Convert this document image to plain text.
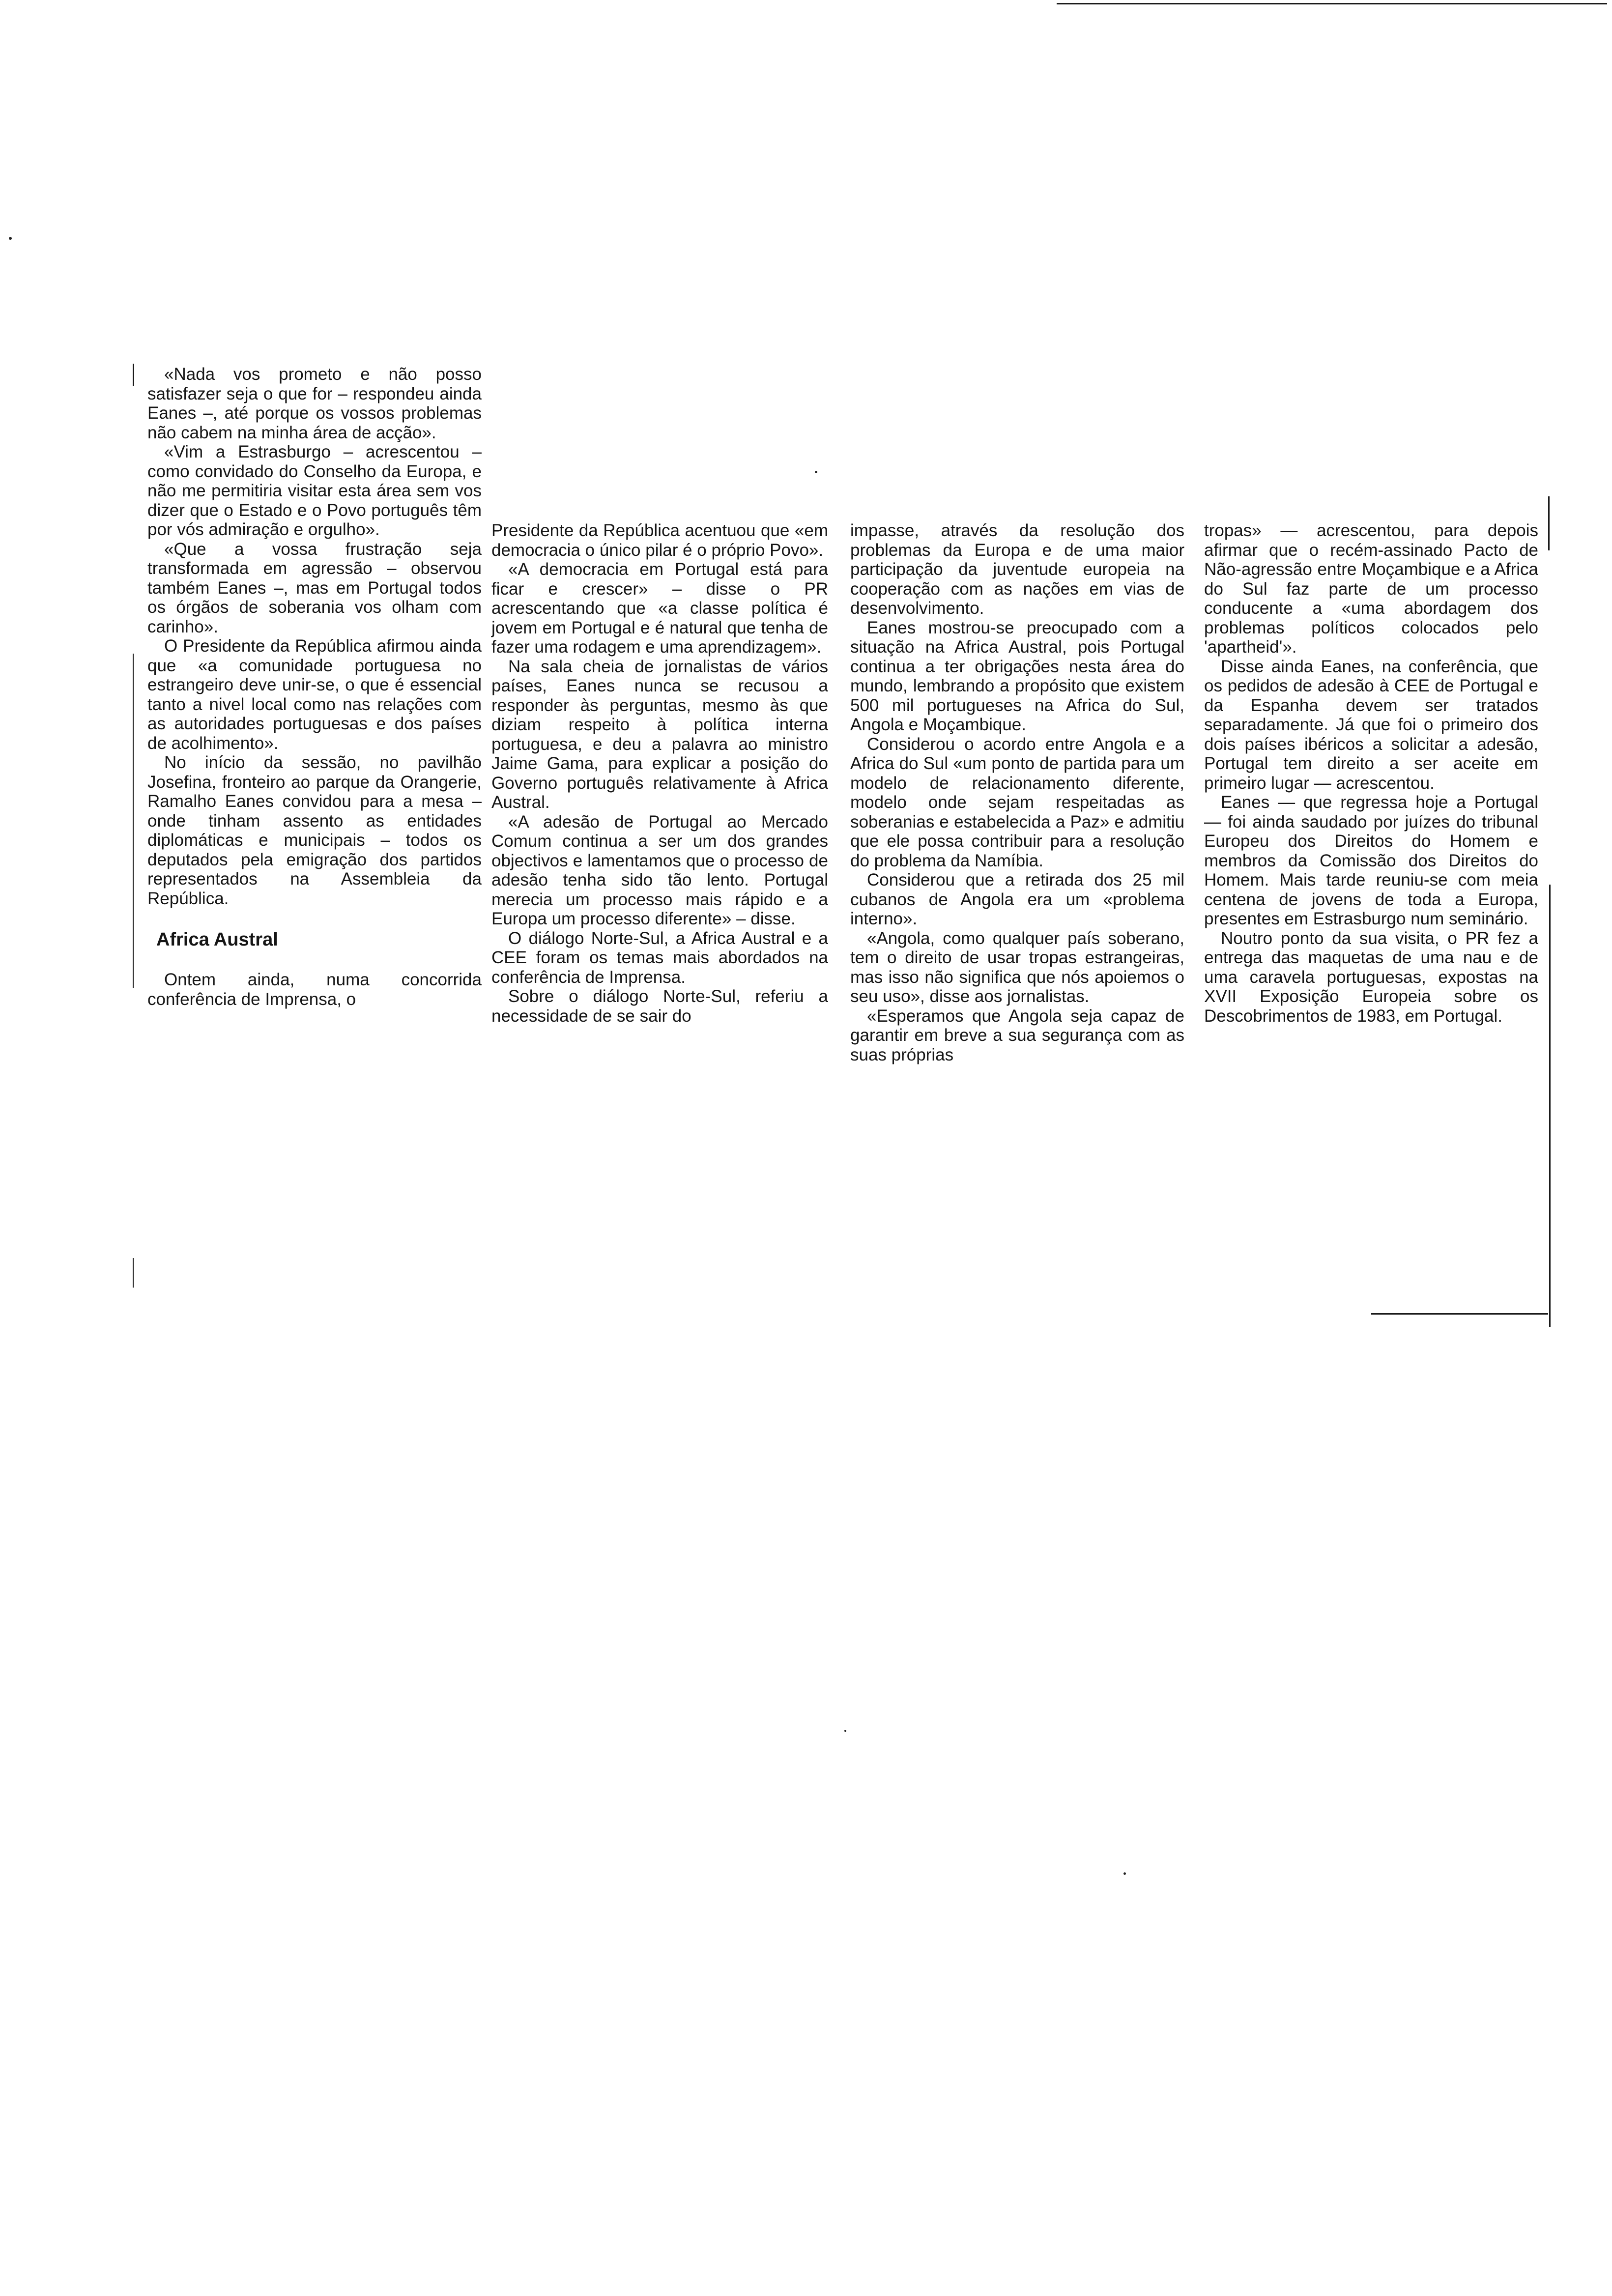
«Nada vos prometo e não posso satisfazer seja o que for – respondeu ainda Eanes –, até porque os vossos problemas não cabem na minha área de acção».

«Vim a Estrasburgo – acrescentou – como convidado do Conselho da Europa, e não me permitiria visitar esta área sem vos dizer que o Estado e o Povo português têm por vós admiração e orgulho».

«Que a vossa frustração seja transformada em agressão – observou também Eanes –, mas em Portugal todos os órgãos de soberania vos olham com carinho».

O Presidente da República afirmou ainda que «a comunidade portuguesa no estrangeiro deve unir-se, o que é essencial tanto a nivel local como nas relações com as autoridades portuguesas e dos países de acolhimento».

No início da sessão, no pavilhão Josefina, fronteiro ao parque da Orangerie, Ramalho Eanes convidou para a mesa – onde tinham assento as entidades diplomáticas e municipais – todos os deputados pela emigração dos partidos representados na Assembleia da República.

Africa Austral

Ontem ainda, numa concorrida conferência de Imprensa, o

Presidente da República acentuou que «em democracia o único pilar é o próprio Povo».

«A democracia em Portugal está para ficar e crescer» – disse o PR acrescentando que «a classe política é jovem em Portugal e é natural que tenha de fazer uma rodagem e uma aprendizagem».

Na sala cheia de jornalistas de vários países, Eanes nunca se recusou a responder às perguntas, mesmo às que diziam respeito à política interna portuguesa, e deu a palavra ao ministro Jaime Gama, para explicar a posição do Governo português relativamente à Africa Austral.

«A adesão de Portugal ao Mercado Comum continua a ser um dos grandes objectivos e lamentamos que o processo de adesão tenha sido tão lento. Portugal merecia um processo mais rápido e a Europa um processo diferente» – disse.

O diálogo Norte-Sul, a Africa Austral e a CEE foram os temas mais abordados na conferência de Imprensa.

Sobre o diálogo Norte-Sul, referiu a necessidade de se sair do

impasse, através da resolução dos problemas da Europa e de uma maior participação da juventude europeia na cooperação com as nações em vias de desenvolvimento.

Eanes mostrou-se preocupado com a situação na Africa Austral, pois Portugal continua a ter obrigações nesta área do mundo, lembrando a propósito que existem 500 mil portugueses na Africa do Sul, Angola e Moçambique.

Considerou o acordo entre Angola e a Africa do Sul «um ponto de partida para um modelo de relacionamento diferente, modelo onde sejam respeitadas as soberanias e estabelecida a Paz» e admitiu que ele possa contribuir para a resolução do problema da Namíbia.

Considerou que a retirada dos 25 mil cubanos de Angola era um «problema interno».

«Angola, como qualquer país soberano, tem o direito de usar tropas estrangeiras, mas isso não significa que nós apoiemos o seu uso», disse aos jornalistas.

«Esperamos que Angola seja capaz de garantir em breve a sua segurança com as suas próprias

tropas» — acrescentou, para depois afirmar que o recém-assinado Pacto de Não-agressão entre Moçambique e a Africa do Sul faz parte de um processo conducente a «uma abordagem dos problemas políticos colocados pelo 'apartheid'».

Disse ainda Eanes, na conferência, que os pedidos de adesão à CEE de Portugal e da Espanha devem ser tratados separadamente. Já que foi o primeiro dos dois países ibéricos a solicitar a adesão, Portugal tem direito a ser aceite em primeiro lugar — acrescentou.

Eanes — que regressa hoje a Portugal — foi ainda saudado por juízes do tribunal Europeu dos Direitos do Homem e membros da Comissão dos Direitos do Homem. Mais tarde reuniu-se com meia centena de jovens de toda a Europa, presentes em Estrasburgo num seminário.

Noutro ponto da sua visita, o PR fez a entrega das maquetas de uma nau e de uma caravela portuguesas, expostas na XVII Exposição Europeia sobre os Descobrimentos de 1983, em Portugal.
